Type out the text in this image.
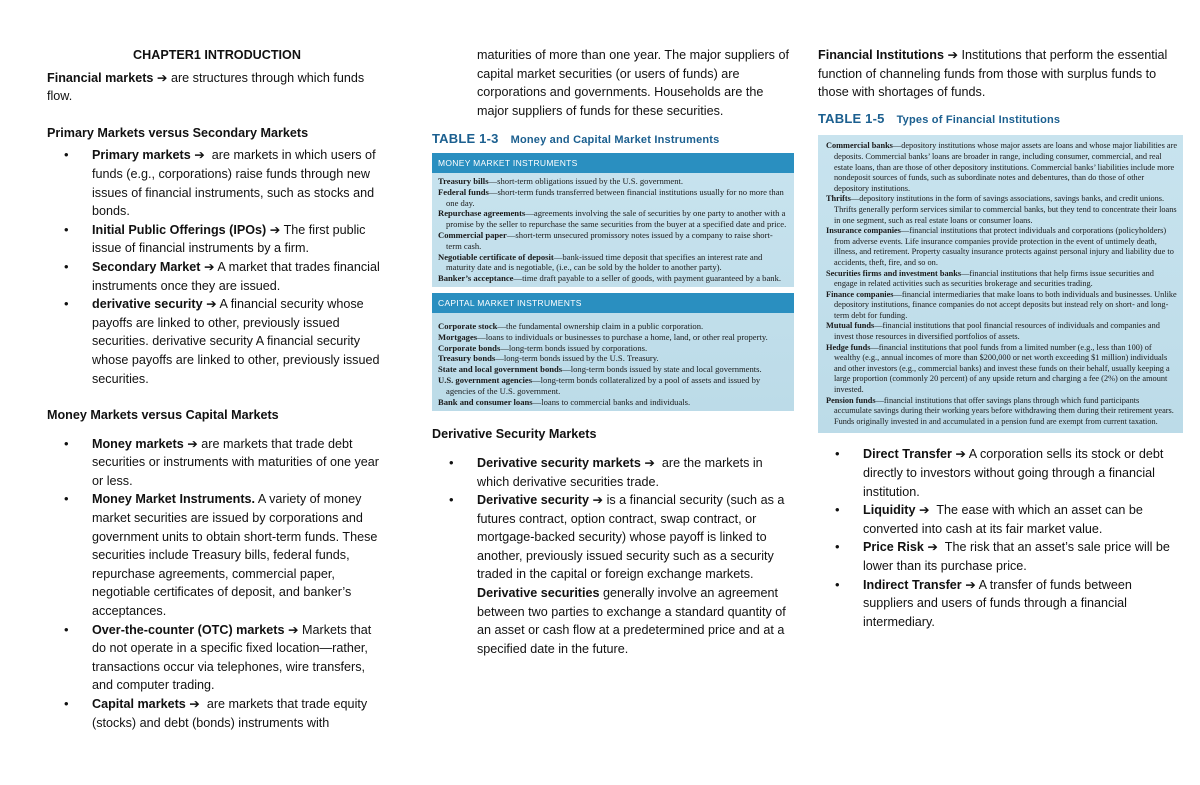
CHAPTER1 INTRODUCTION

Financial markets ➔ are structures through which funds flow.

Primary Markets versus Secondary Markets

• Primary markets ➔ are markets in which users of funds (e.g., corporations) raise funds through new issues of financial instruments, such as stocks and bonds.
• Initial Public Offerings (IPOs) ➔ The first public issue of financial instruments by a firm.
• Secondary Market ➔ A market that trades financial instruments once they are issued.
• derivative security ➔ A financial security whose payoffs are linked to other, previously issued securities. derivative security A financial security whose payoffs are linked to other, previously issued securities.

Money Markets versus Capital Markets

• Money markets ➔ are markets that trade debt securities or instruments with maturities of one year or less.
• Money Market Instruments. A variety of money market securities are issued by corporations and government units to obtain short-term funds. These securities include Treasury bills, federal funds, repurchase agreements, commercial paper, negotiable certificates of deposit, and banker’s acceptances.
• Over-the-counter (OTC) markets ➔ Markets that do not operate in a specific fixed location—rather, transactions occur via telephones, wire transfers, and computer trading.
• Capital markets ➔ are markets that trade equity (stocks) and debt (bonds) instruments with

maturities of more than one year. The major suppliers of capital market securities (or users of funds) are corporations and governments. Households are the major suppliers of funds for these securities.

TABLE 1-3 Money and Capital Market Instruments
MONEY MARKET INSTRUMENTS

Treasury bills—short-term obligations issued by the U.S. government.

Federal funds—short-term funds transferred between financial institutions usually for no more than one day.

Repurchase agreements—agreements involving the sale of securities by one party to another with a promise by the seller to repurchase the same securities from the buyer at a specified date and price.

Commercial paper—short-term unsecured promissory notes issued by a company to raise short-term cash.

Negotiable certificate of deposit—bank-issued time deposit that specifies an interest rate and maturity date and is negotiable, (i.e., can be sold by the holder to another party).

Banker’s acceptance—time draft payable to a seller of goods, with payment guaranteed by a bank.

CAPITAL MARKET INSTRUMENTS

Corporate stock—the fundamental ownership claim in a public corporation.

Mortgages—loans to individuals or businesses to purchase a home, land, or other real property.

Corporate bonds—long-term bonds issued by corporations.

Treasury bonds—long-term bonds issued by the U.S. Treasury.

State and local government bonds—long-term bonds issued by state and local governments.

U.S. government agencies—long-term bonds collateralized by a pool of assets and issued by agencies of the U.S. government.

Bank and consumer loans—loans to commercial banks and individuals.

Derivative Security Markets

• Derivative security markets ➔ are the markets in which derivative securities trade.
• Derivative security ➔ is a financial security (such as a futures contract, option contract, swap contract, or mortgage-backed security) whose payoff is linked to another, previously issued security such as a security traded in the capital or foreign exchange markets. Derivative securities generally involve an agreement between two parties to exchange a standard quantity of an asset or cash flow at a predetermined price and at a specified date in the future.

Financial Institutions ➔ Institutions that perform the essential function of channeling funds from those with surplus funds to those with shortages of funds.

TABLE 1-5 Types of Financial Institutions

Commercial banks—depository institutions whose major assets are loans and whose major liabilities are deposits. Commercial banks’ loans are broader in range, including consumer, commercial, and real estate loans, than are those of other depository institutions. Commercial banks’ liabilities include more nondeposit sources of funds, such as subordinate notes and debentures, than do those of other depository institutions.

Thrifts—depository institutions in the form of savings associations, savings banks, and credit unions. Thrifts generally perform services similar to commercial banks, but they tend to concentrate their loans in one segment, such as real estate loans or consumer loans.

Insurance companies—financial institutions that protect individuals and corporations (policyholders) from adverse events. Life insurance companies provide protection in the event of untimely death, illness, and retirement. Property casualty insurance protects against personal injury and liability due to accidents, theft, fire, and so on.

Securities firms and investment banks—financial institutions that help firms issue securities and engage in related activities such as securities brokerage and securities trading.

Finance companies—financial intermediaries that make loans to both individuals and businesses. Unlike depository institutions, finance companies do not accept deposits but instead rely on short- and long-term debt for funding.

Mutual funds—financial institutions that pool financial resources of individuals and companies and invest those resources in diversified portfolios of assets.

Hedge funds—financial institutions that pool funds from a limited number (e.g., less than 100) of wealthy (e.g., annual incomes of more than $200,000 or net worth exceeding $1 million) individuals and other investors (e.g., commercial banks) and invest these funds on their behalf, usually keeping a large proportion (commonly 20 percent) of any upside return and charging a fee (2%) on the amount invested.

Pension funds—financial institutions that offer savings plans through which fund participants accumulate savings during their working years before withdrawing them during their retirement years. Funds originally invested in and accumulated in a pension fund are exempt from current taxation.

• Direct Transfer ➔ A corporation sells its stock or debt directly to investors without going through a financial institution.
• Liquidity ➔ The ease with which an asset can be converted into cash at its fair market value.
• Price Risk ➔ The risk that an asset’s sale price will be lower than its purchase price.
• Indirect Transfer ➔ A transfer of funds between suppliers and users of funds through a financial intermediary.
